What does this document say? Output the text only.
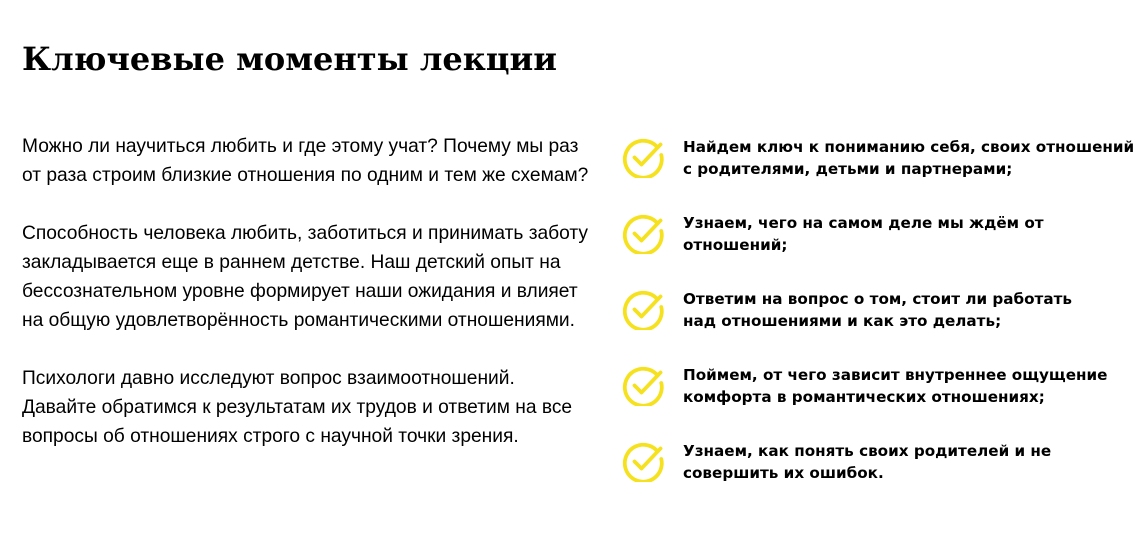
Ключевые моменты лекции

Можно ли научиться любить и где этому учат? Почему мы раз от раза строим близкие отношения по одним и тем же схемам?

Способность человека любить, заботиться и принимать заботу закладывается еще в раннем детстве. Наш детский опыт на бессознательном уровне формирует наши ожидания и влияет на общую удовлетворённость романтическими отношениями.

Психологи давно исследуют вопрос взаимоотношений. Давайте обратимся к результатам их трудов и ответим на все вопросы об отношениях строго с научной точки зрения.

Найдем ключ к пониманию себя, своих отношений
с родителями, детьми и партнерами;
Узнаем, чего на самом деле мы ждём от
отношений;
Ответим на вопрос о том, стоит ли работать
над отношениями и как это делать;
Поймем, от чего зависит внутреннее ощущение
комфорта в романтических отношениях;
Узнаем, как понять своих родителей и не
совершить их ошибок.
